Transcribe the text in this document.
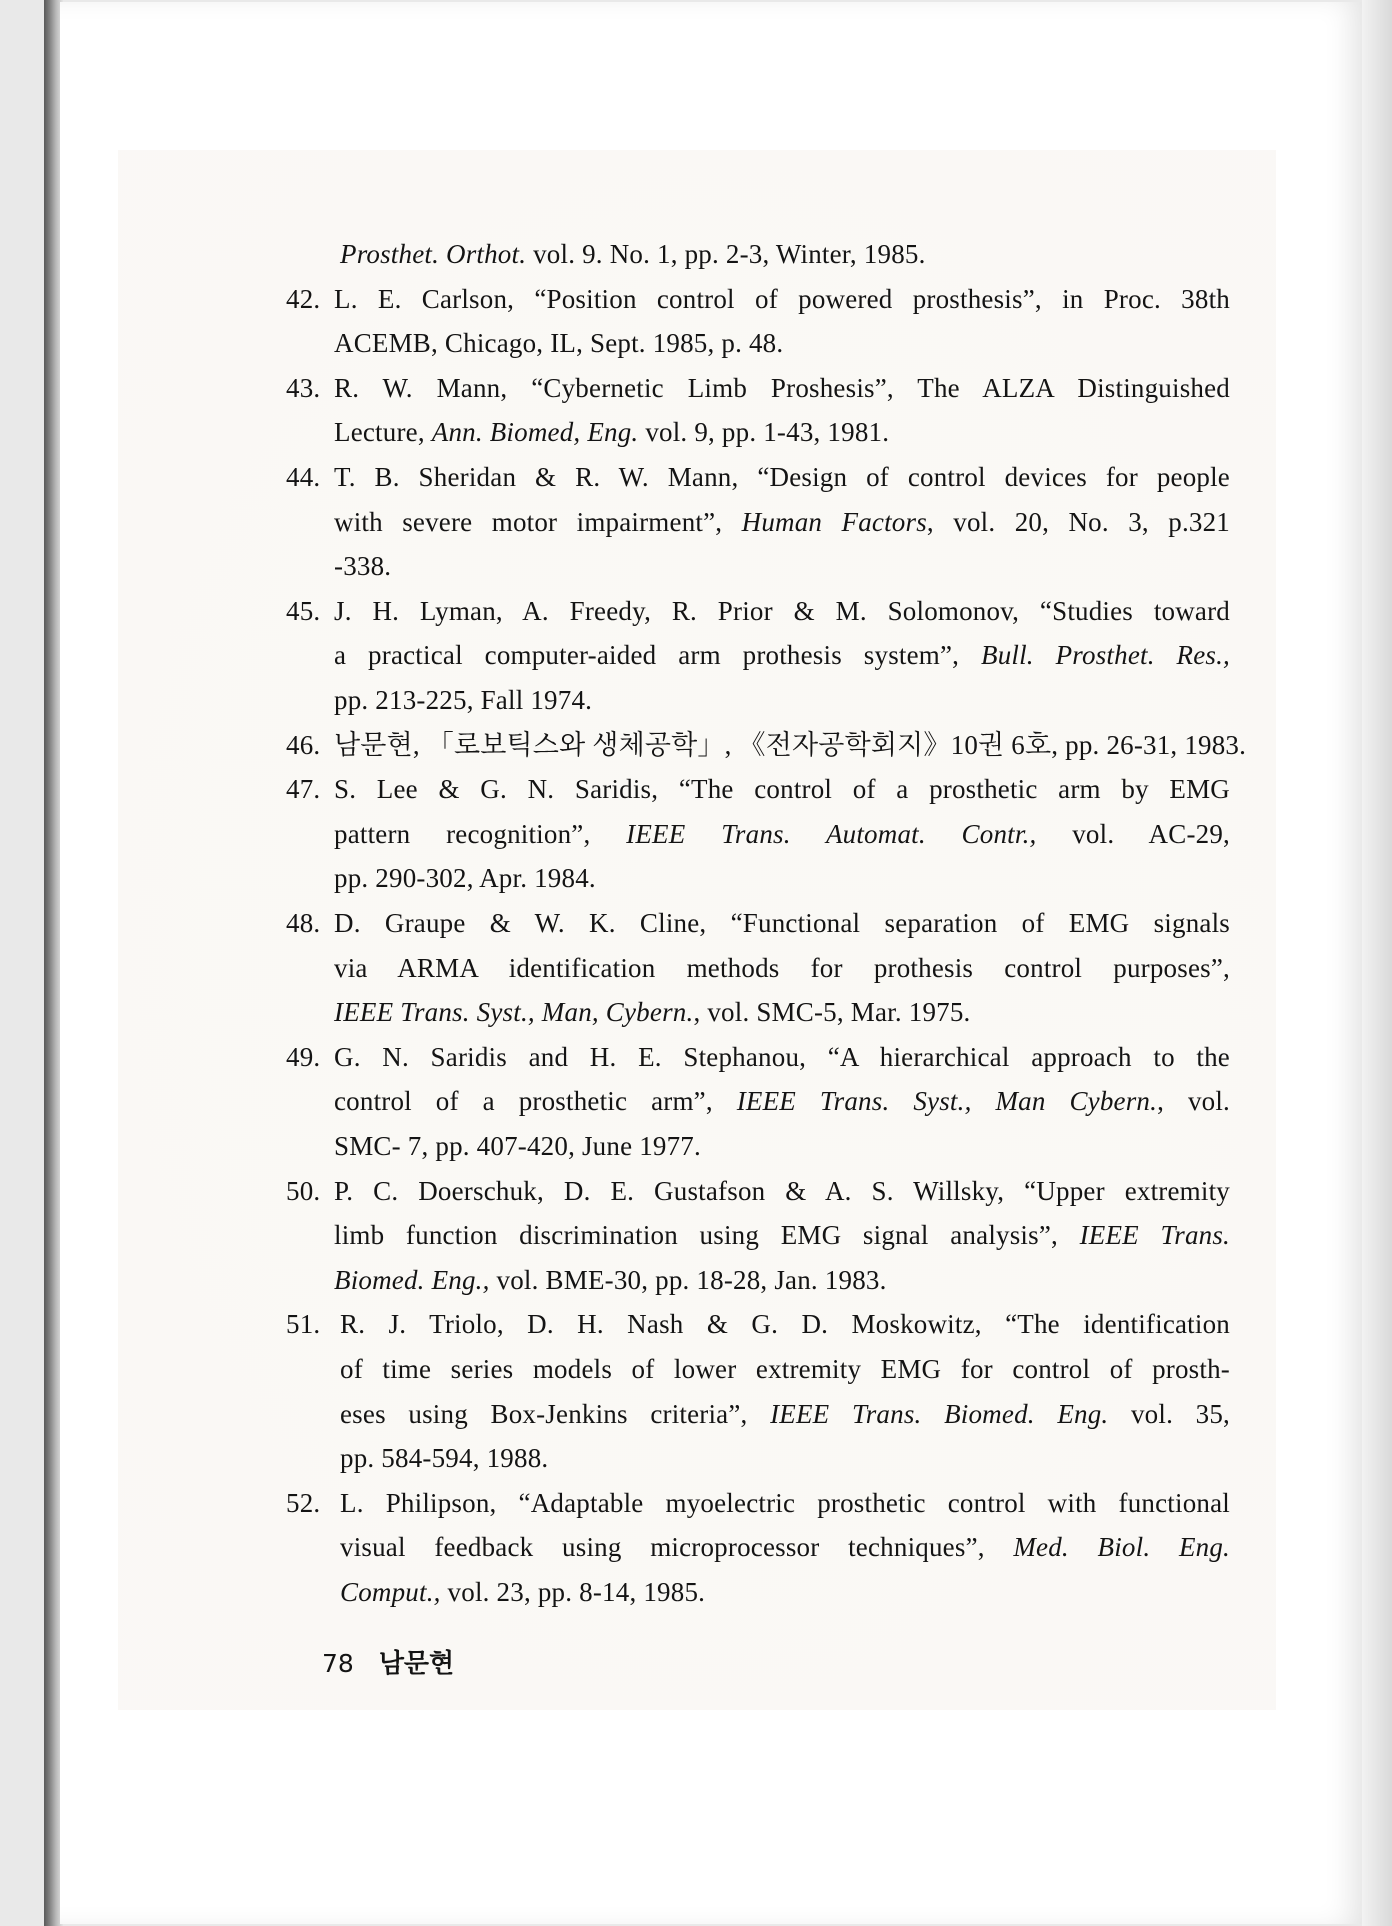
Prosthet. Orthot. vol. 9. No. 1, pp. 2-3, Winter, 1985.
42. L. E. Carlson, “Position control of powered prosthesis”, in Proc. 38th
ACEMB, Chicago, IL, Sept. 1985, p. 48.
43. R. W. Mann, “Cybernetic Limb Proshesis”, The ALZA Distinguished
Lecture, Ann. Biomed, Eng. vol. 9, pp. 1-43, 1981.
44. T. B. Sheridan & R. W. Mann, “Design of control devices for people
with severe motor impairment”, Human Factors, vol. 20, No. 3, p.321
-338.
45. J. H. Lyman, A. Freedy, R. Prior & M. Solomonov, “Studies toward
a practical computer-aided arm prothesis system”, Bull. Prosthet. Res.,
pp. 213-225, Fall 1974.
46. 남문현, 「로보틱스와 생체공학」, 《전자공학회지》10권 6호, pp. 26-31, 1983.
47. S. Lee & G. N. Saridis, “The control of a prosthetic arm by EMG
pattern recognition”, IEEE Trans. Automat. Contr., vol. AC-29,
pp. 290-302, Apr. 1984.
48. D. Graupe & W. K. Cline, “Functional separation of EMG signals
via ARMA identification methods for prothesis control purposes”,
IEEE Trans. Syst., Man, Cybern., vol. SMC-5, Mar. 1975.
49. G. N. Saridis and H. E. Stephanou, “A hierarchical approach to the
control of a prosthetic arm”, IEEE Trans. Syst., Man Cybern., vol.
SMC- 7, pp. 407-420, June 1977.
50. P. C. Doerschuk, D. E. Gustafson & A. S. Willsky, “Upper extremity
limb function discrimination using EMG signal analysis”, IEEE Trans.
Biomed. Eng., vol. BME-30, pp. 18-28, Jan. 1983.
51. R. J. Triolo, D. H. Nash & G. D. Moskowitz, “The identification
of time series models of lower extremity EMG for control of prosth-
eses using Box-Jenkins criteria”, IEEE Trans. Biomed. Eng. vol. 35,
pp. 584-594, 1988.
52. L. Philipson, “Adaptable myoelectric prosthetic control with functional
visual feedback using microprocessor techniques”, Med. Biol. Eng.
Comput., vol. 23, pp. 8-14, 1985.
78 남문현
